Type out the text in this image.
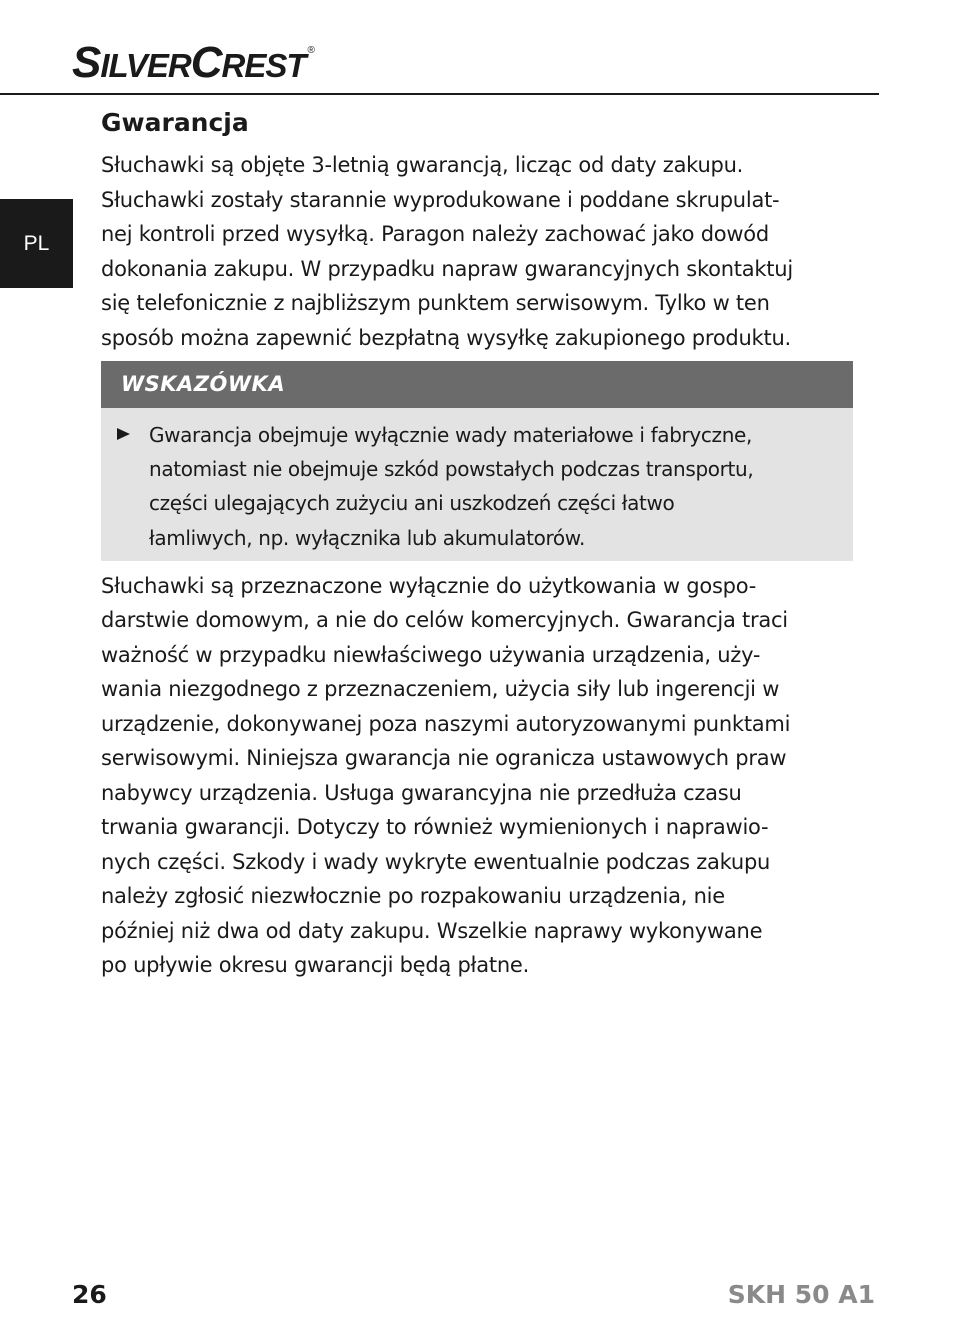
SILVERCREST ®
PL
Gwarancja

Słuchawki są objęte 3-letnią gwarancją, licząc od daty zakupu.
Słuchawki zostały starannie wyprodukowane i poddane skrupulat-
nej kontroli przed wysyłką. Paragon należy zachować jako dowód
dokonania zakupu. W przypadku napraw gwarancyjnych skontaktuj
się telefonicznie z najbliższym punktem serwisowym. Tylko w ten
sposób można zapewnić bezpłatną wysyłkę zakupionego produktu.

WSKAZÓWKA
Gwarancja obejmuje wyłącznie wady materiałowe i fabryczne,
natomiast nie obejmuje szkód powstałych podczas transportu,
części ulegających zużyciu ani uszkodzeń części łatwo
łamliwych, np. wyłącznika lub akumulatorów.

Słuchawki są przeznaczone wyłącznie do użytkowania w gospo-
darstwie domowym, a nie do celów komercyjnych. Gwarancja traci
ważność w przypadku niewłaściwego używania urządzenia, uży-
wania niezgodnego z przeznaczeniem, użycia siły lub ingerencji w
urządzenie, dokonywanej poza naszymi autoryzowanymi punktami
serwisowymi. Niniejsza gwarancja nie ogranicza ustawowych praw
nabywcy urządzenia. Usługa gwarancyjna nie przedłuża czasu
trwania gwarancji. Dotyczy to również wymienionych i naprawio-
nych części. Szkody i wady wykryte ewentualnie podczas zakupu
należy zgłosić niezwłocznie po rozpakowaniu urządzenia, nie
później niż dwa od daty zakupu. Wszelkie naprawy wykonywane
po upływie okresu gwarancji będą płatne.

26	SKH 50 A1
